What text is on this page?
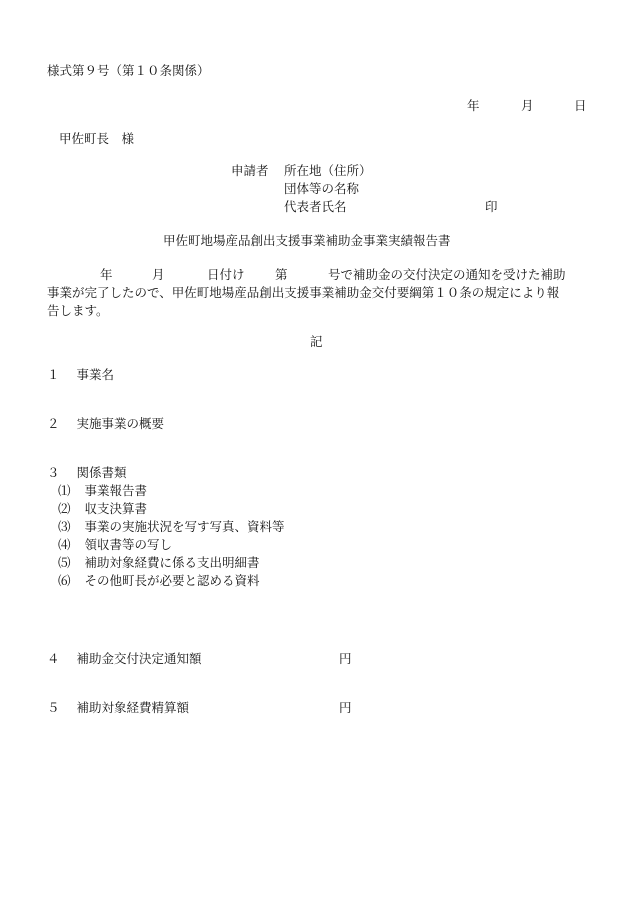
様式第９号（第１０条関係）
年	月	日
甲佐町長　様
申請者 所在地（住所）
団体等の名称
代表者氏名	印
甲佐町地場産品創出支援事業補助金事業実績報告書
年	月	日付け 第	号で補助金の交付決定の通知を受けた補助
事業が完了したので、甲佐町地場産品創出支援事業補助金交付要綱第１０条の規定により報
告します。
記
１ 事業名
２ 実施事業の概要
３ 関係書類
⑴ 事業報告書
⑵ 収支決算書
⑶ 事業の実施状況を写す写真、資料等
⑷ 領収書等の写し
⑸ 補助対象経費に係る支出明細書
⑹ その他町長が必要と認める資料
４ 補助金交付決定通知額	円
５ 補助対象経費精算額	円
